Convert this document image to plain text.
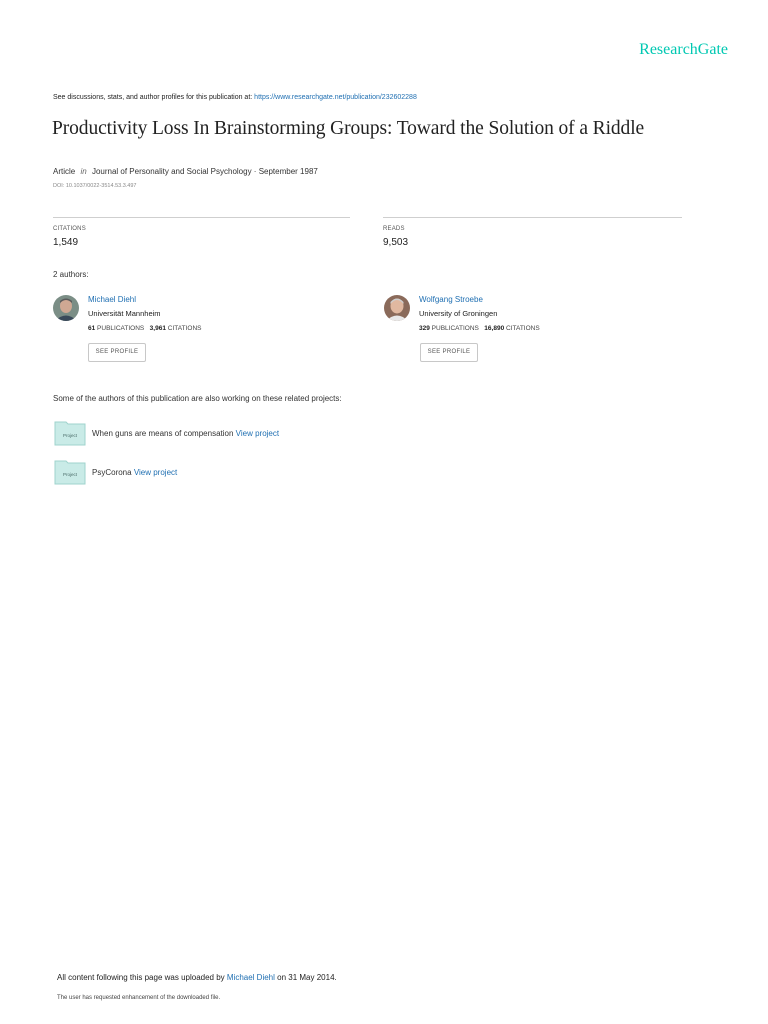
ResearchGate
See discussions, stats, and author profiles for this publication at: https://www.researchgate.net/publication/232602288
Productivity Loss In Brainstorming Groups: Toward the Solution of a Riddle
Article in Journal of Personality and Social Psychology · September 1987
DOI: 10.1037/0022-3514.53.3.497
CITATIONS
1,549
READS
9,503
2 authors:
Michael Diehl
Universität Mannheim
61 PUBLICATIONS 3,961 CITATIONS
SEE PROFILE
Wolfgang Stroebe
University of Groningen
329 PUBLICATIONS 16,890 CITATIONS
SEE PROFILE
Some of the authors of this publication are also working on these related projects:
Project When guns are means of compensation View project
Project PsyCorona View project
All content following this page was uploaded by Michael Diehl on 31 May 2014.
The user has requested enhancement of the downloaded file.
